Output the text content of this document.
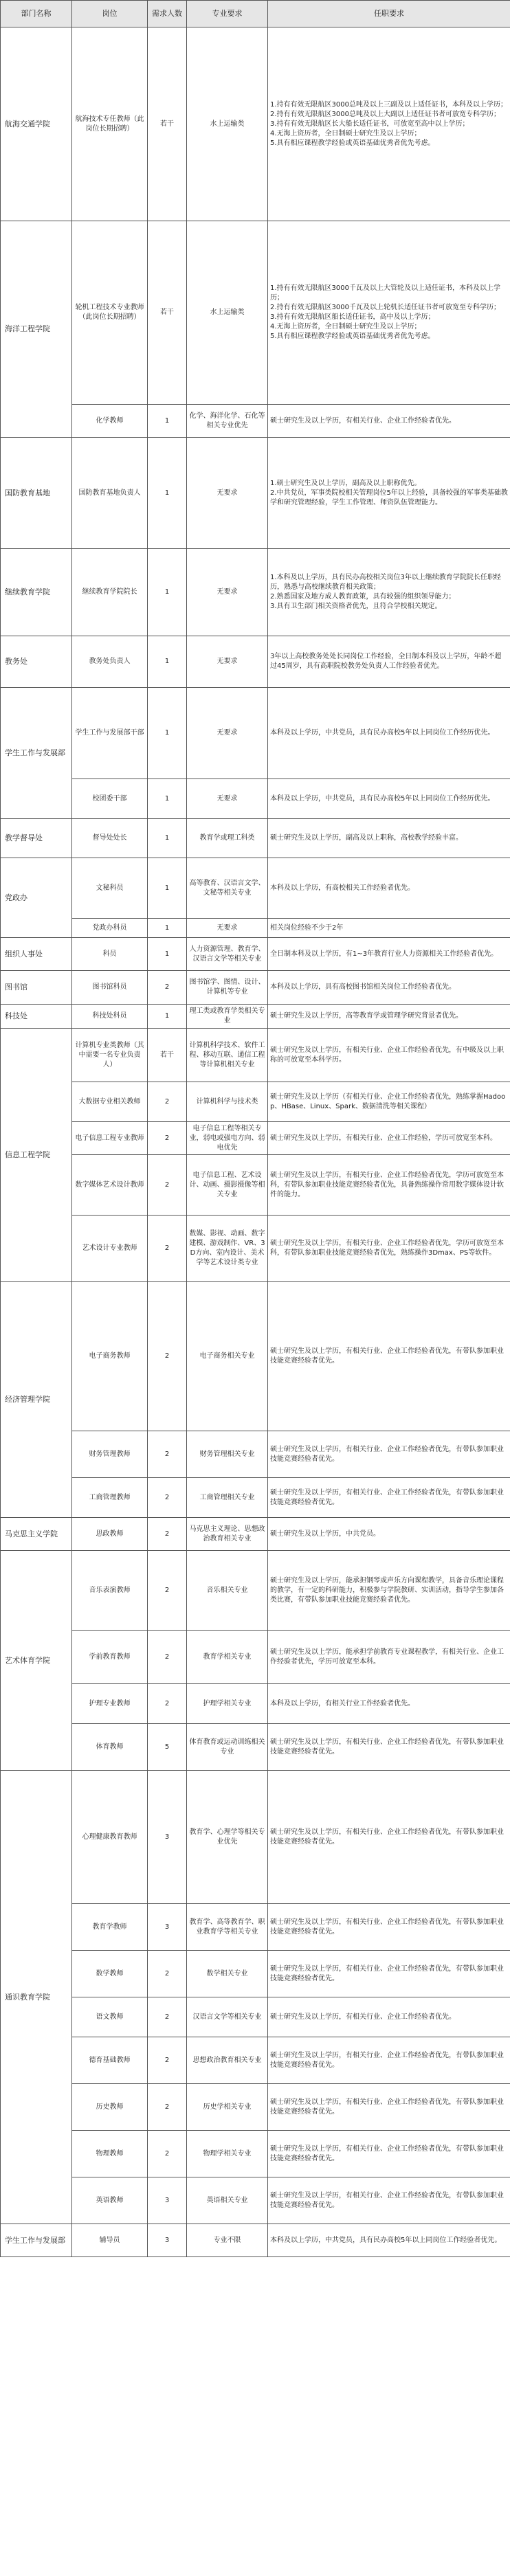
部门名称	岗位	需求人数	专业要求	任职要求
航海交通学院	航海技术专任教师（此岗位长期招聘）	若干	水上运输类	1.持有有效无限航区3000总吨及以上三副及以上适任证书，本科及以上学历；
2.持有有效无限航区3000总吨及以上大副以上适任证书者可放宽专科学历；
3.持有有效无限航区长大船长适任证书，可放宽至高中以上学历；
4.无海上资历者，全日制硕士研究生及以上学历；
5.具有相应课程教学经验或英语基础优秀者优先考虑。

海洋工程学院	轮机工程技术专业教师（此岗位长期招聘）	若干	水上运输类	1.持有有效无限航区3000千瓦及以上大管轮及以上适任证书，本科及以上学历；
2.持有有效无限航区3000千瓦及以上轮机长适任证书者可放宽至专科学历；
3.持有有效无限航区船长适任证书，高中及以上学历；
4.无海上资历者，全日制硕士研究生及以上学历；
5.具有相应课程教学经验或英语基础优秀者优先考虑。

	化学教师	1	化学、海洋化学、石化等相关专业优先	硕士研究生及以上学历，有相关行业、企业工作经验者优先。

国防教育基地	国防教育基地负责人	1	无要求	1.硕士研究生及以上学历，副高及以上职称优先。
2.中共党员，军事类院校相关管理岗位5年以上经验，具备较强的军事类基础教学和研究管理经验，学生工作管理、师资队伍管理能力。

继续教育学院	继续教育学院院长	1	无要求	1.本科及以上学历，具有民办高校相关岗位3年以上继续教育学院院长任职经历，熟悉与高校继续教育相关政策；
2.熟悉国家及地方成人教育政策，具有较强的组织领导能力；
3.具有卫生部门相关资格者优先，且符合学校相关规定。

教务处	教务处负责人	1	无要求	3年以上高校教务处处长同岗位工作经验，全日制本科及以上学历，年龄不超过45周岁，具有高职院校教务处负责人工作经验者优先。

学生工作与发展部	学生工作与发展部干部	1	无要求	本科及以上学历，中共党员，具有民办高校5年以上同岗位工作经历优先。

	校团委干部	1	无要求	本科及以上学历，中共党员，具有民办高校5年以上同岗位工作经历优先。

教学督导处	督导处处长	1	教育学或理工科类	硕士研究生及以上学历，副高及以上职称，高校教学经验丰富。

党政办	文秘科员	1	高等教育、汉语言文学、文秘等相关专业	本科及以上学历，有高校相关工作经验者优先。

	党政办科员	1	无要求	相关岗位经验不少于2年

组织人事处	科员	1	人力资源管理、教育学、汉语言文学等相关专业	全日制本科及以上学历，有1~3年教育行业人力资源相关工作经验者优先。

图书馆	图书馆科员	2	图书馆学、图情、设计、计算机等专业	本科及以上学历，具有高校图书馆相关岗位工作经验者优先。

科技处	科技处科员	1	理工类或教育学类相关专业	硕士研究生及以上学历，高等教育学或管理学研究背景者优先。

信息工程学院	计算机专业类教师（其中需要一名专业负责人）	若干	计算机科学技术、软件工程、移动互联、通信工程等计算机相关专业	硕士研究生及以上学历，有相关行业、企业工作经验者优先，有中级及以上职称的可放宽至本科学历。

	大数据专业相关教师	2	计算机科学与技术类	硕士研究生及以上学历（有相关行业、企业工作经验者优先，熟练掌握Hadoop、HBase、Linux、Spark、数据清洗等相关课程）

	电子信息工程专业教师	2	电子信息工程等相关专业，弱电或强电方向、弱电优先	硕士研究生及以上学历，有相关行业、企业工作经验，学历可放宽至本科。

	数字媒体艺术设计教师	2	电子信息工程、艺术设计、动画、摄影摄像等相关专业	硕士研究生及以上学历，有相关行业、企业工作经验者优先，学历可放宽至本科，有带队参加职业技能竞赛经验者优先，具备熟练操作常用数字媒体设计软件的能力。

	艺术设计专业教师	2	数媒、影视、动画、数字建模、游戏制作、VR、3D方向、室内设计、美术学等艺术设计类专业	硕士研究生及以上学历，有相关行业、企业工作经验者优先，学历可放宽至本科，有带队参加职业技能竞赛经验者优先，熟练操作3Dmax、PS等软件。

经济管理学院	电子商务教师	2	电子商务相关专业	硕士研究生及以上学历，有相关行业、企业工作经验者优先，有带队参加职业技能竞赛经验者优先。

	财务管理教师	2	财务管理相关专业	硕士研究生及以上学历，有相关行业、企业工作经验者优先，有带队参加职业技能竞赛经验者优先。

	工商管理教师	2	工商管理相关专业	硕士研究生及以上学历，有相关行业、企业工作经验者优先，有带队参加职业技能竞赛经验者优先。

马克思主义学院	思政教师	2	马克思主义理论、思想政治教育相关专业	硕士研究生及以上学历，中共党员。

艺术体育学院	音乐表演教师	2	音乐相关专业	硕士研究生及以上学历，能承担钢琴或声乐方向课程教学，具备音乐理论课程的教学，有一定的科研能力，积极参与学院教研、实训活动，指导学生参加各类比赛，有带队参加职业技能竞赛经验者优先。

	学前教育教师	2	教育学相关专业	硕士研究生及以上学历，能承担学前教育专业课程教学，有相关行业、企业工作经验者优先，学历可放宽至本科。

	护理专业教师	2	护理学相关专业	本科及以上学历，有相关行业工作经验者优先。

	体育教师	5	体育教育或运动训练相关专业	硕士研究生及以上学历，有相关行业、企业工作经验者优先，有带队参加职业技能竞赛经验者优先。

通识教育学院	心理健康教育教师	3	教育学、心理学等相关专业优先	硕士研究生及以上学历，有相关行业、企业工作经验者优先，有带队参加职业技能竞赛经验者优先。

	教育学教师	3	教育学、高等教育学、职业教育学等相关专业	硕士研究生及以上学历，有相关行业、企业工作经验者优先，有带队参加职业技能竞赛经验者优先。

	数学教师	2	数学相关专业	硕士研究生及以上学历，有相关行业、企业工作经验者优先，有带队参加职业技能竞赛经验者优先。

	语文教师	2	汉语言文学等相关专业	硕士研究生及以上学历，有相关行业、企业工作经验者优先。

	德育基础教师	2	思想政治教育相关专业	硕士研究生及以上学历，有相关行业、企业工作经验者优先，有带队参加职业技能竞赛经验者优先。

	历史教师	2	历史学相关专业	硕士研究生及以上学历，有相关行业、企业工作经验者优先，有带队参加职业技能竞赛经验者优先。

	物理教师	2	物理学相关专业	硕士研究生及以上学历，有相关行业、企业工作经验者优先，有带队参加职业技能竞赛经验者优先。

	英语教师	3	英语相关专业	硕士研究生及以上学历，有相关行业、企业工作经验者优先，有带队参加职业技能竞赛经验者优先。

学生工作与发展部	辅导员	3	专业不限	本科及以上学历，中共党员，具有民办高校5年以上同岗位工作经验者优先。
